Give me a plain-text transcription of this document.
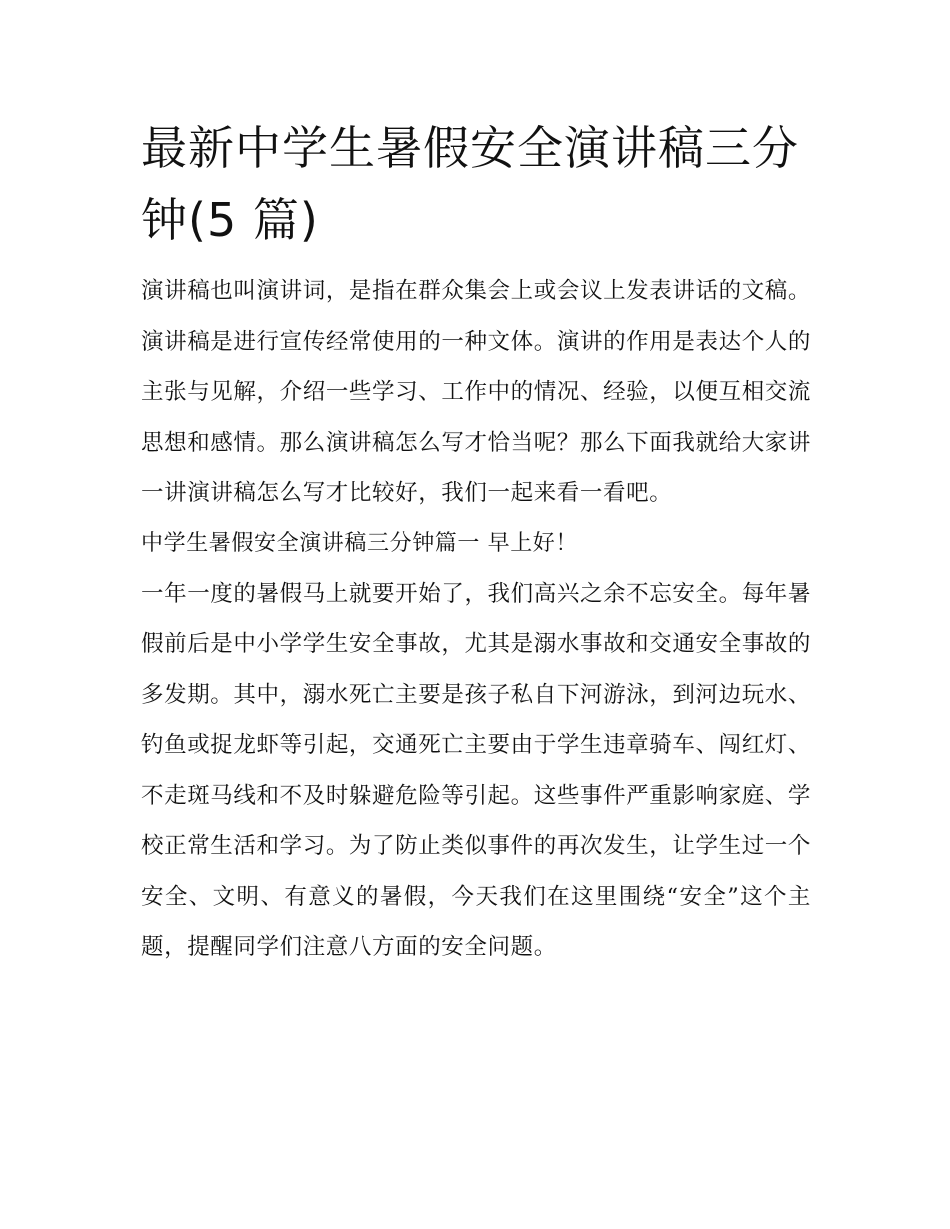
最新中学生暑假安全演讲稿三分钟(5 篇)

演讲稿也叫演讲词，是指在群众集会上或会议上发表讲话的文稿。演讲稿是进行宣传经常使用的一种文体。演讲的作用是表达个人的主张与见解，介绍一些学习、工作中的情况、经验，以便互相交流思想和感情。那么演讲稿怎么写才恰当呢？那么下面我就给大家讲一讲演讲稿怎么写才比较好，我们一起来看一看吧。

中学生暑假安全演讲稿三分钟篇一 早上好！

一年一度的暑假马上就要开始了，我们高兴之余不忘安全。每年暑假前后是中小学学生安全事故，尤其是溺水事故和交通安全事故的多发期。其中，溺水死亡主要是孩子私自下河游泳，到河边玩水、钓鱼或捉龙虾等引起，交通死亡主要由于学生违章骑车、闯红灯、不走斑马线和不及时躲避危险等引起。这些事件严重影响家庭、学校正常生活和学习。为了防止类似事件的再次发生，让学生过一个安全、文明、有意义的暑假，今天我们在这里围绕“安全”这个主题，提醒同学们注意八方面的安全问题。
